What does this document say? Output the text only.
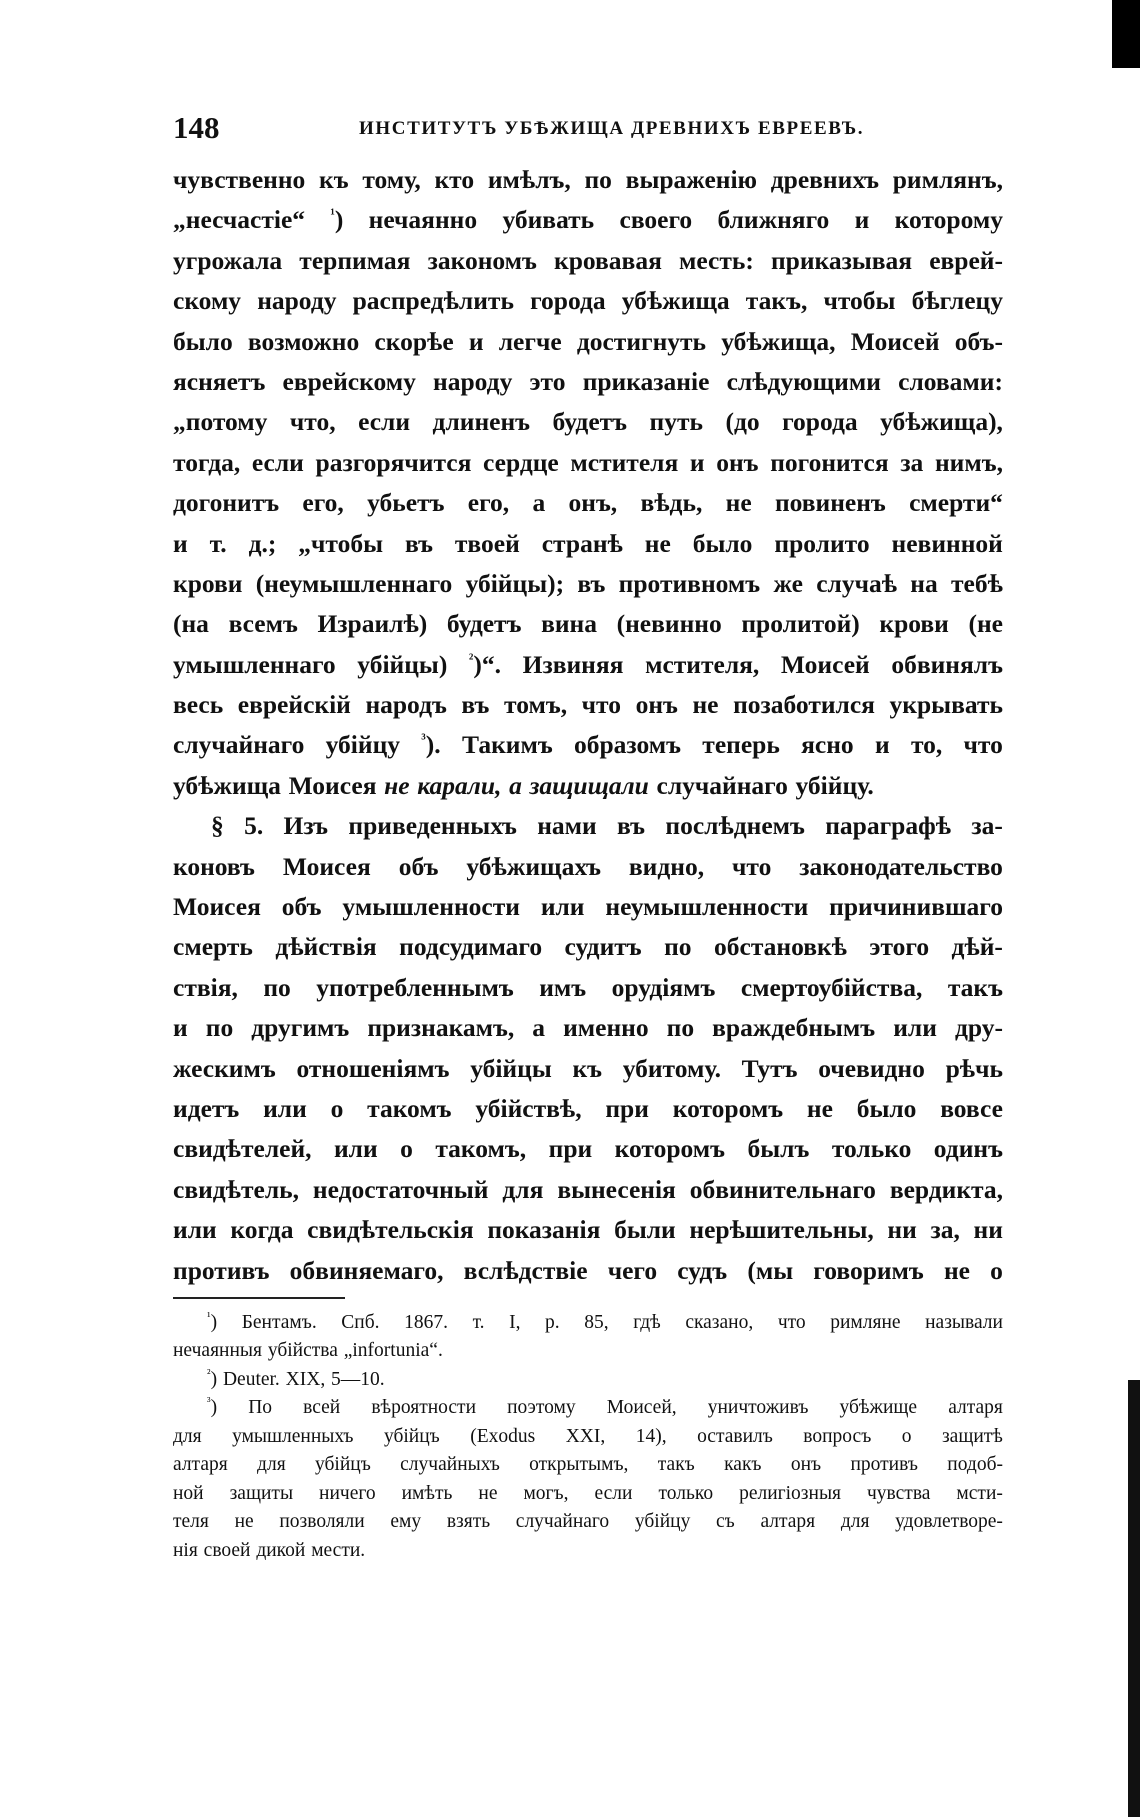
148	ИНСТИТУТЪ УБѢЖИЩА ДРЕВНИХЪ ЕВРЕЕВЪ.
чувственно къ тому, кто имѣлъ, по выраженію древнихъ римлянъ,
„несчастіе“ $^{^1}$) нечаянно убивать своего ближняго и которому
угрожала терпимая закономъ кровавая месть: приказывая еврей-
скому народу распредѣлить города убѣжища такъ, чтобы бѣглецу
было возможно скорѣе и легче достигнуть убѣжища, Моисей объ-
ясняетъ еврейскому народу это приказаніе слѣдующими словами:
„потому что, если длиненъ будетъ путь (до города убѣжища),
тогда, если разгорячится сердце мстителя и онъ погонится за нимъ,
догонитъ его, убьетъ его, а онъ, вѣдь, не повиненъ смерти“
и т. д.; „чтобы въ твоей странѣ не было пролито невинной
крови (неумышленнаго убійцы); въ противномъ же случаѣ на тебѣ
(на всемъ Израилѣ) будетъ вина (невинно пролитой) крови (не
умышленнаго убійцы) $^{^2}$)“. Извиняя мстителя, Моисей обвинялъ
весь еврейскій народъ въ томъ, что онъ не позаботился укрывать
случайнаго убійцу $^{^3}$). Такимъ образомъ теперь ясно и то, что
убѣжища Моисея не карали, а защищали случайнаго убійцу.
§ 5. Изъ приведенныхъ нами въ послѣднемъ параграфѣ за-
коновъ Моисея объ убѣжищахъ видно, что законодательство
Моисея объ умышленности или неумышленности причинившаго
смерть дѣйствія подсудимаго судитъ по обстановкѣ этого дѣй-
ствія, по употребленнымъ имъ орудіямъ смертоубійства, такъ
и по другимъ признакамъ, а именно по враждебнымъ или дру-
жескимъ отношеніямъ убійцы къ убитому. Тутъ очевидно рѣчь
идетъ или о такомъ убійствѣ, при которомъ не было вовсе
свидѣтелей, или о такомъ, при которомъ былъ только одинъ
свидѣтель, недостаточный для вынесенія обвинительнаго вердикта,
или когда свидѣтельскія показанія были нерѣшительны, ни за, ни
противъ обвиняемаго, вслѣдствіе чего судъ (мы говоримъ не о
$^{^1}$) Бентамъ. Спб. 1867. т. I, p. 85, гдѣ сказано, что римляне называли
нечаянныя убійства „infortunia“.
$^{^2}$) Deuter. XIX, 5—10.
$^{^3}$) По всей вѣроятности поэтому Моисей, уничтоживъ убѣжище алтаря
для умышленныхъ убійцъ (Exodus XXI, 14), оставилъ вопросъ о защитѣ
алтаря для убійцъ случайныхъ открытымъ, такъ какъ онъ противъ подоб-
ной защиты ничего имѣть не могъ, если только религіозныя чувства мсти-
теля не позволяли ему взять случайнаго убійцу съ алтаря для удовлетворе-
нія своей дикой мести.
